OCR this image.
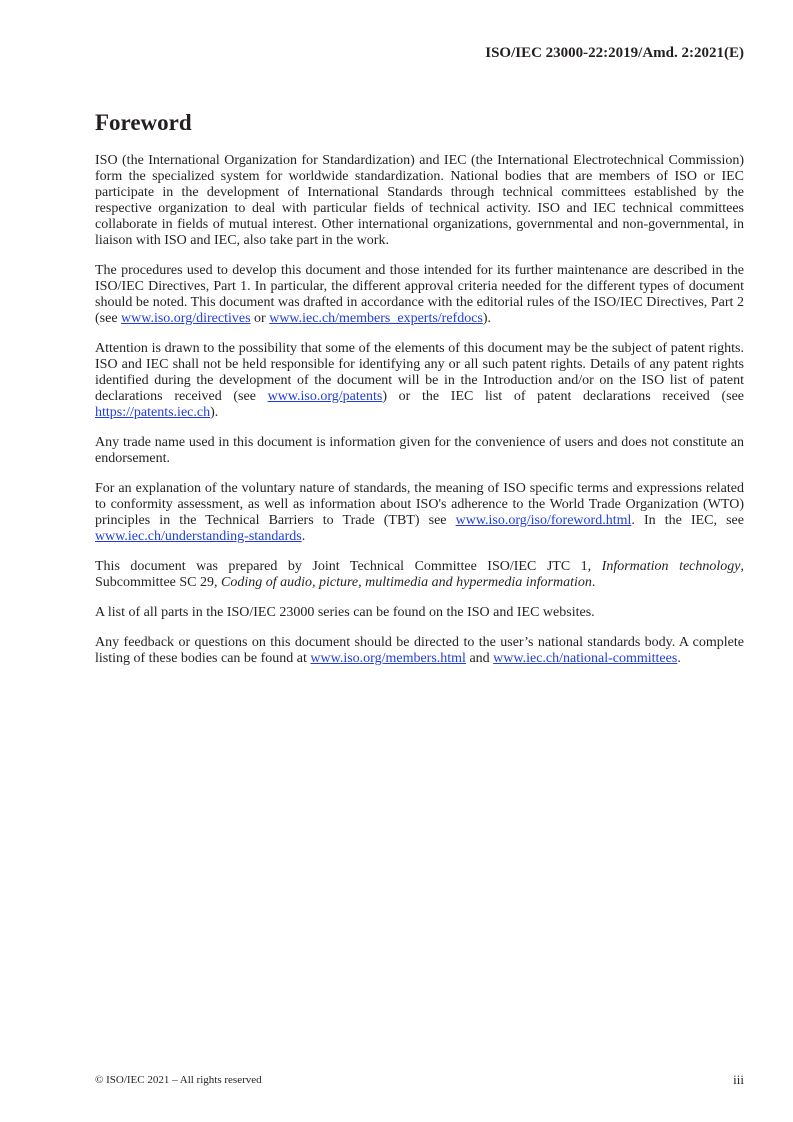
ISO/IEC 23000-22:2019/Amd. 2:2021(E)
Foreword

ISO (the International Organization for Standardization) and IEC (the International Electrotechnical Commission) form the specialized system for worldwide standardization. National bodies that are members of ISO or IEC participate in the development of International Standards through technical committees established by the respective organization to deal with particular fields of technical activity. ISO and IEC technical committees collaborate in fields of mutual interest. Other international organizations, governmental and non-governmental, in liaison with ISO and IEC, also take part in the work.

The procedures used to develop this document and those intended for its further maintenance are described in the ISO/IEC Directives, Part 1. In particular, the different approval criteria needed for the different types of document should be noted. This document was drafted in accordance with the editorial rules of the ISO/IEC Directives, Part 2 (see www.iso.org/directives or www.iec.ch/members_experts/refdocs).

Attention is drawn to the possibility that some of the elements of this document may be the subject of patent rights. ISO and IEC shall not be held responsible for identifying any or all such patent rights. Details of any patent rights identified during the development of the document will be in the Introduction and/or on the ISO list of patent declarations received (see www.iso.org/patents) or the IEC list of patent declarations received (see https://patents.iec.ch).

Any trade name used in this document is information given for the convenience of users and does not constitute an endorsement.

For an explanation of the voluntary nature of standards, the meaning of ISO specific terms and expressions related to conformity assessment, as well as information about ISO's adherence to the World Trade Organization (WTO) principles in the Technical Barriers to Trade (TBT) see www.iso.org/iso/foreword.html. In the IEC, see www.iec.ch/understanding-standards.

This document was prepared by Joint Technical Committee ISO/IEC JTC 1, Information technology, Subcommittee SC 29, Coding of audio, picture, multimedia and hypermedia information.

A list of all parts in the ISO/IEC 23000 series can be found on the ISO and IEC websites.

Any feedback or questions on this document should be directed to the user’s national standards body. A complete listing of these bodies can be found at www.iso.org/members.html and www.iec.ch/national-committees.

© ISO/IEC 2021 – All rights reserved	iii
